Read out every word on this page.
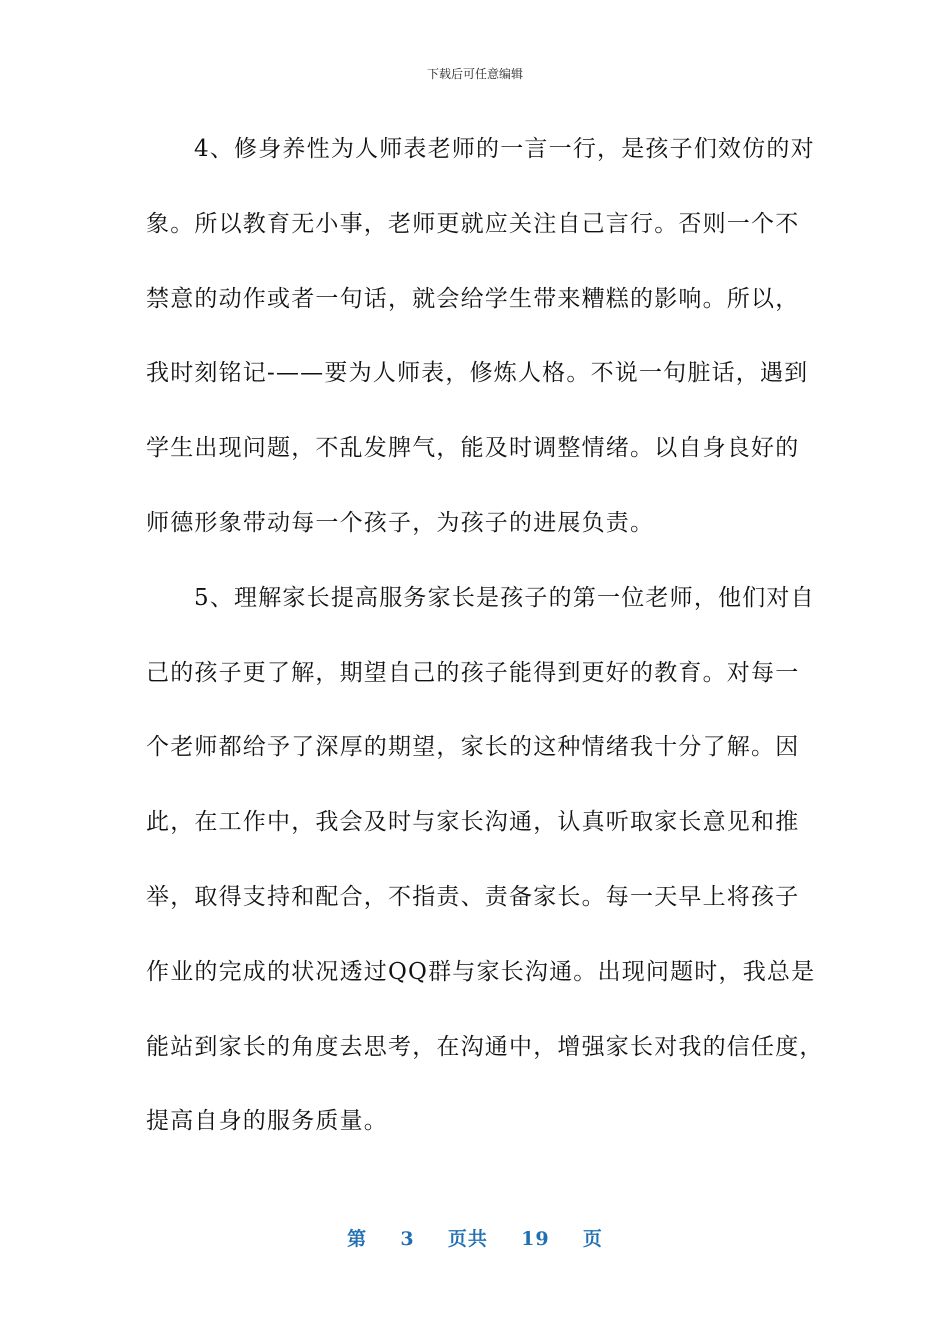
下载后可任意编辑

4、修身养性为人师表老师的一言一行，是孩子们效仿的对
象。所以教育无小事，老师更就应关注自己言行。否则一个不
禁意的动作或者一句话，就会给学生带来糟糕的影响。所以，
我时刻铭记-——要为人师表，修炼人格。不说一句脏话，遇到
学生出现问题，不乱发脾气，能及时调整情绪。以自身良好的
师德形象带动每一个孩子，为孩子的进展负责。

5、理解家长提高服务家长是孩子的第一位老师，他们对自
己的孩子更了解，期望自己的孩子能得到更好的教育。对每一
个老师都给予了深厚的期望，家长的这种情绪我十分了解。因
此，在工作中，我会及时与家长沟通，认真听取家长意见和推
举，取得支持和配合，不指责、责备家长。每一天早上将孩子
作业的完成的状况透过QQ群与家长沟通。出现问题时，我总是
能站到家长的角度去思考，在沟通中，增强家长对我的信任度，
提高自身的服务质量。

第 3 页共 19 页
